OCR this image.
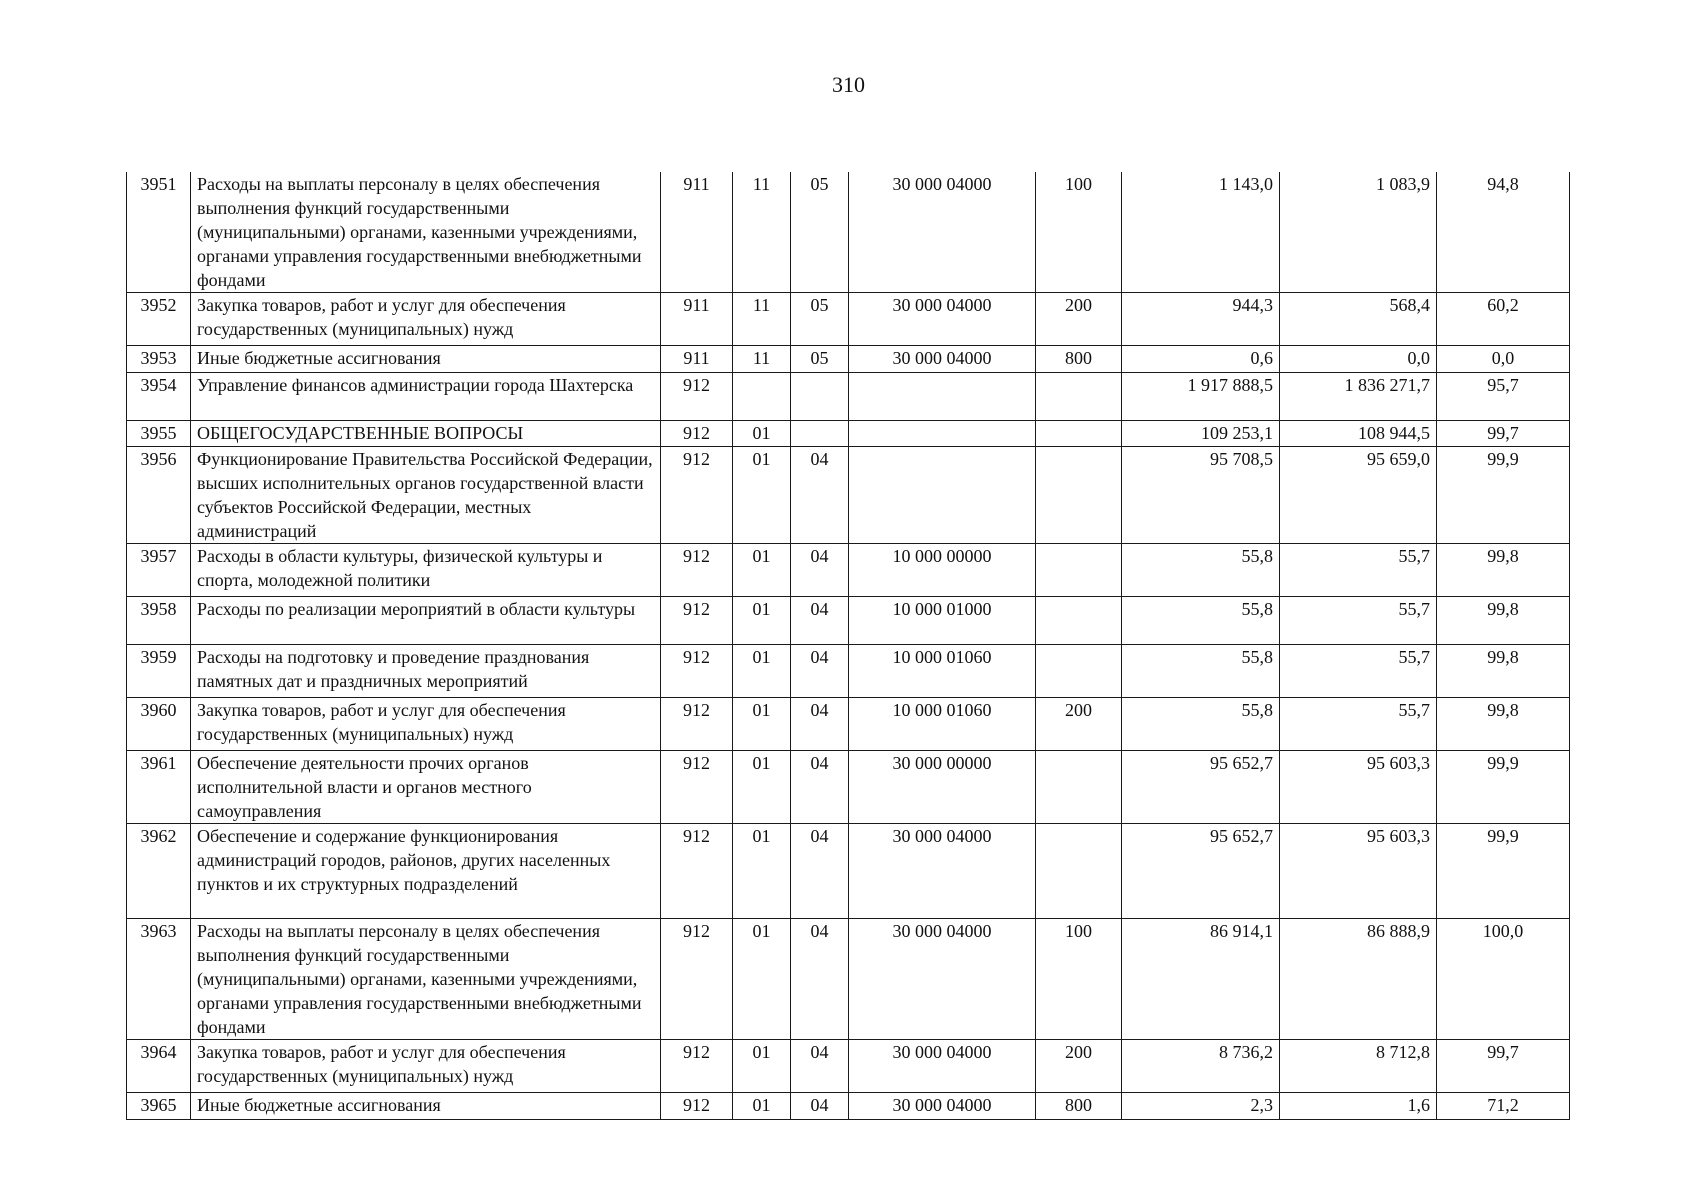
310
3951	Расходы на выплаты персоналу в целях обеспечения выполнения функций государственными (муниципальными) органами, казенными учреждениями, органами управления государственными внебюджетными фондами	911	11	05	30 000 04000	100	1 143,0	1 083,9	94,8
3952	Закупка товаров, работ и услуг для обеспечения государственных (муниципальных) нужд	911	11	05	30 000 04000	200	944,3	568,4	60,2
3953	Иные бюджетные ассигнования	911	11	05	30 000 04000	800	0,6	0,0	0,0
3954	Управление финансов администрации города Шахтерска	912					1 917 888,5	1 836 271,7	95,7
3955	ОБЩЕГОСУДАРСТВЕННЫЕ ВОПРОСЫ	912	01				109 253,1	108 944,5	99,7
3956	Функционирование Правительства Российской Федерации, высших исполнительных органов государственной власти субъектов Российской Федерации, местных администраций	912	01	04			95 708,5	95 659,0	99,9
3957	Расходы в области культуры, физической культуры и спорта, молодежной политики	912	01	04	10 000 00000		55,8	55,7	99,8
3958	Расходы по реализации мероприятий в области культуры	912	01	04	10 000 01000		55,8	55,7	99,8
3959	Расходы на подготовку и проведение празднования памятных дат и праздничных мероприятий	912	01	04	10 000 01060		55,8	55,7	99,8
3960	Закупка товаров, работ и услуг для обеспечения государственных (муниципальных) нужд	912	01	04	10 000 01060	200	55,8	55,7	99,8
3961	Обеспечение деятельности прочих органов исполнительной власти и органов местного самоуправления	912	01	04	30 000 00000		95 652,7	95 603,3	99,9
3962	Обеспечение и содержание функционирования администраций городов, районов, других населенных пунктов и их структурных подразделений	912	01	04	30 000 04000		95 652,7	95 603,3	99,9
3963	Расходы на выплаты персоналу в целях обеспечения выполнения функций государственными (муниципальными) органами, казенными учреждениями, органами управления государственными внебюджетными фондами	912	01	04	30 000 04000	100	86 914,1	86 888,9	100,0
3964	Закупка товаров, работ и услуг для обеспечения государственных (муниципальных) нужд	912	01	04	30 000 04000	200	8 736,2	8 712,8	99,7
3965	Иные бюджетные ассигнования	912	01	04	30 000 04000	800	2,3	1,6	71,2
